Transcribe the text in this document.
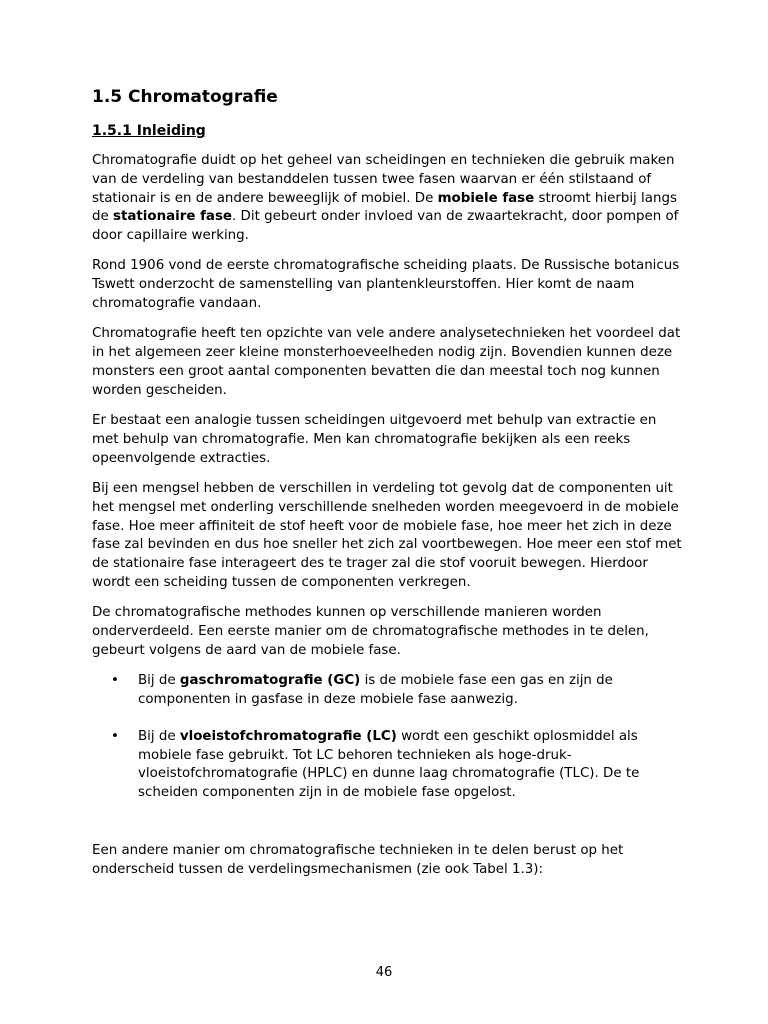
1.5 Chromatografie
1.5.1 Inleiding

Chromatografie duidt op het geheel van scheidingen en technieken die gebruik maken van de verdeling van bestanddelen tussen twee fasen waarvan er één stilstaand of stationair is en de andere beweeglijk of mobiel. De mobiele fase stroomt hierbij langs de stationaire fase. Dit gebeurt onder invloed van de zwaartekracht, door pompen of door capillaire werking.

Rond 1906 vond de eerste chromatografische scheiding plaats. De Russische botanicus Tswett onderzocht de samenstelling van plantenkleurstoffen. Hier komt de naam chromatografie vandaan.

Chromatografie heeft ten opzichte van vele andere analysetechnieken het voordeel dat in het algemeen zeer kleine monsterhoeveelheden nodig zijn. Bovendien kunnen deze monsters een groot aantal componenten bevatten die dan meestal toch nog kunnen worden gescheiden.

Er bestaat een analogie tussen scheidingen uitgevoerd met behulp van extractie en met behulp van chromatografie. Men kan chromatografie bekijken als een reeks opeenvolgende extracties.

Bij een mengsel hebben de verschillen in verdeling tot gevolg dat de componenten uit het mengsel met onderling verschillende snelheden worden meegevoerd in de mobiele fase. Hoe meer affiniteit de stof heeft voor de mobiele fase, hoe meer het zich in deze fase zal bevinden en dus hoe sneller het zich zal voortbewegen. Hoe meer een stof met de stationaire fase interageert des te trager zal die stof vooruit bewegen. Hierdoor wordt een scheiding tussen de componenten verkregen.

De chromatografische methodes kunnen op verschillende manieren worden onderverdeeld. Een eerste manier om de chromatografische methodes in te delen, gebeurt volgens de aard van de mobiele fase.

• Bij de gaschromatografie (GC) is de mobiele fase een gas en zijn de componenten in gasfase in deze mobiele fase aanwezig.
• Bij de vloeistofchromatografie (LC) wordt een geschikt oplosmiddel als mobiele fase gebruikt. Tot LC behoren technieken als hoge-druk-vloeistofchromatografie (HPLC) en dunne laag chromatografie (TLC). De te scheiden componenten zijn in de mobiele fase opgelost.

Een andere manier om chromatografische technieken in te delen berust op het onderscheid tussen de verdelingsmechanismen (zie ook Tabel 1.3):

46
